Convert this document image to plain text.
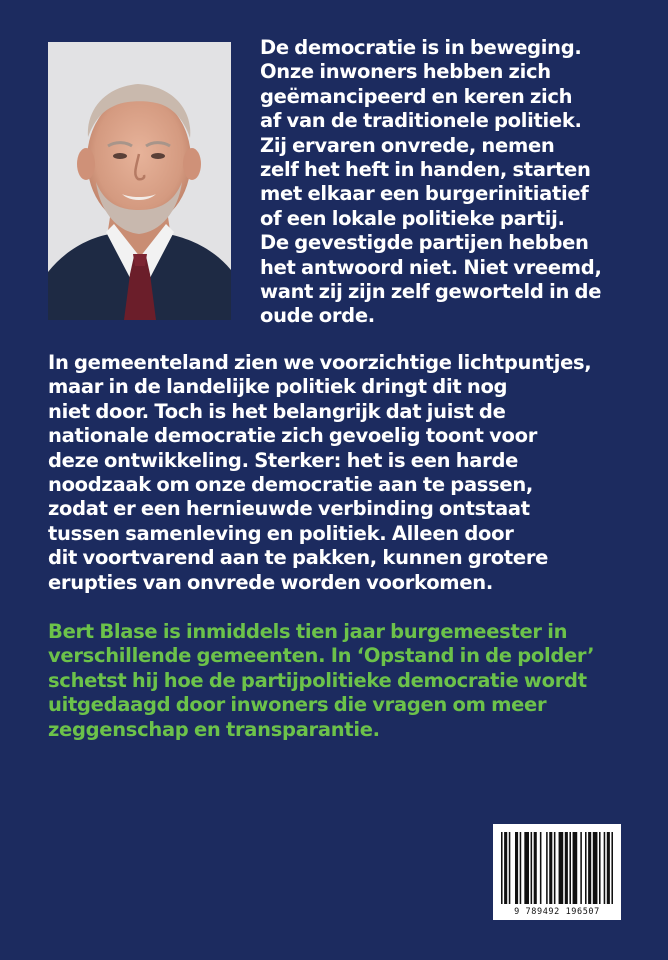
De democratie is in beweging.
Onze inwoners hebben zich
geëmancipeerd en keren zich
af van de traditionele politiek.
Zij ervaren onvrede, nemen
zelf het heft in handen, starten
met elkaar een burgerinitiatief
of een lokale politieke partij.
De gevestigde partijen hebben
het antwoord niet. Niet vreemd,
want zij zijn zelf geworteld in de
oude orde.
In gemeenteland zien we voorzichtige lichtpuntjes,
maar in de landelijke politiek dringt dit nog
niet door. Toch is het belangrijk dat juist de
nationale democratie zich gevoelig toont voor
deze ontwikkeling. Sterker: het is een harde
noodzaak om onze democratie aan te passen,
zodat er een hernieuwde verbinding ontstaat
tussen samenleving en politiek. Alleen door
dit voortvarend aan te pakken, kunnen grotere
erupties van onvrede worden voorkomen.
Bert Blase is inmiddels tien jaar burgemeester in
verschillende gemeenten. In ‘Opstand in de polder’
schetst hij hoe de partijpolitieke democratie wordt
uitgedaagd door inwoners die vragen om meer
zeggenschap en transparantie.
9 789492 196507
